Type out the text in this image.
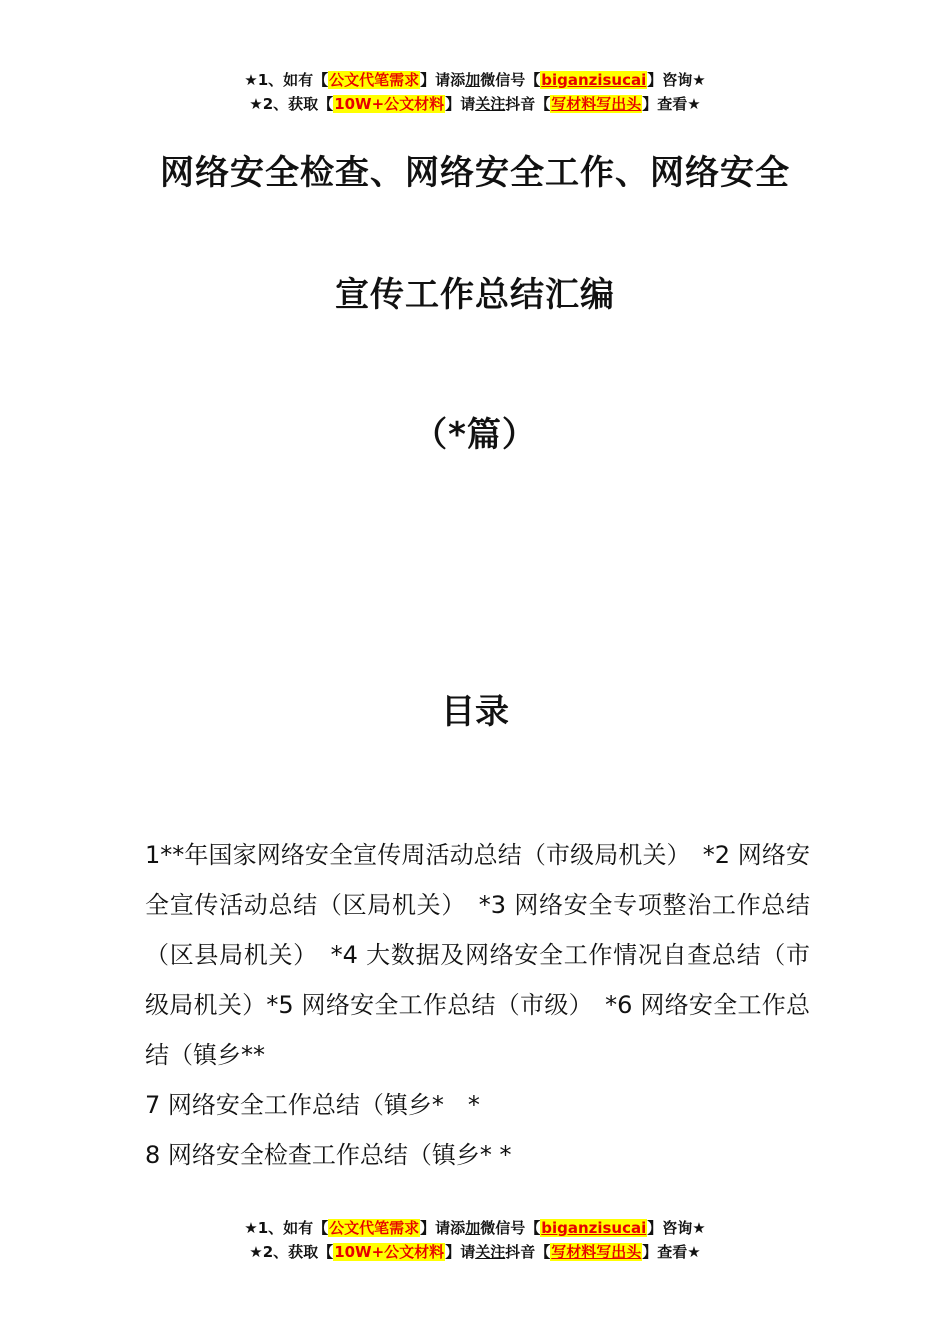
★1、如有【公文代笔需求】请添加微信号【biganzisucai】咨询★
★2、获取【10W+公文材料】请关注抖音【写材料写出头】查看★
网络安全检查、网络安全工作、网络安全
宣传工作总结汇编
（*篇）
目录

1**年国家网络安全宣传周活动总结（市级局机关）　*2 网络安全宣传活动总结（区局机关）　*3 网络安全专项整治工作总结（区县局机关）　*4 大数据及网络安全工作情况自查总结（市级局机关）*5 网络安全工作总结（市级）　*6 网络安全工作总结（镇乡**

7 网络安全工作总结（镇乡*　*

8 网络安全检查工作总结（镇乡* *

★1、如有【公文代笔需求】请添加微信号【biganzisucai】咨询★
★2、获取【10W+公文材料】请关注抖音【写材料写出头】查看★
